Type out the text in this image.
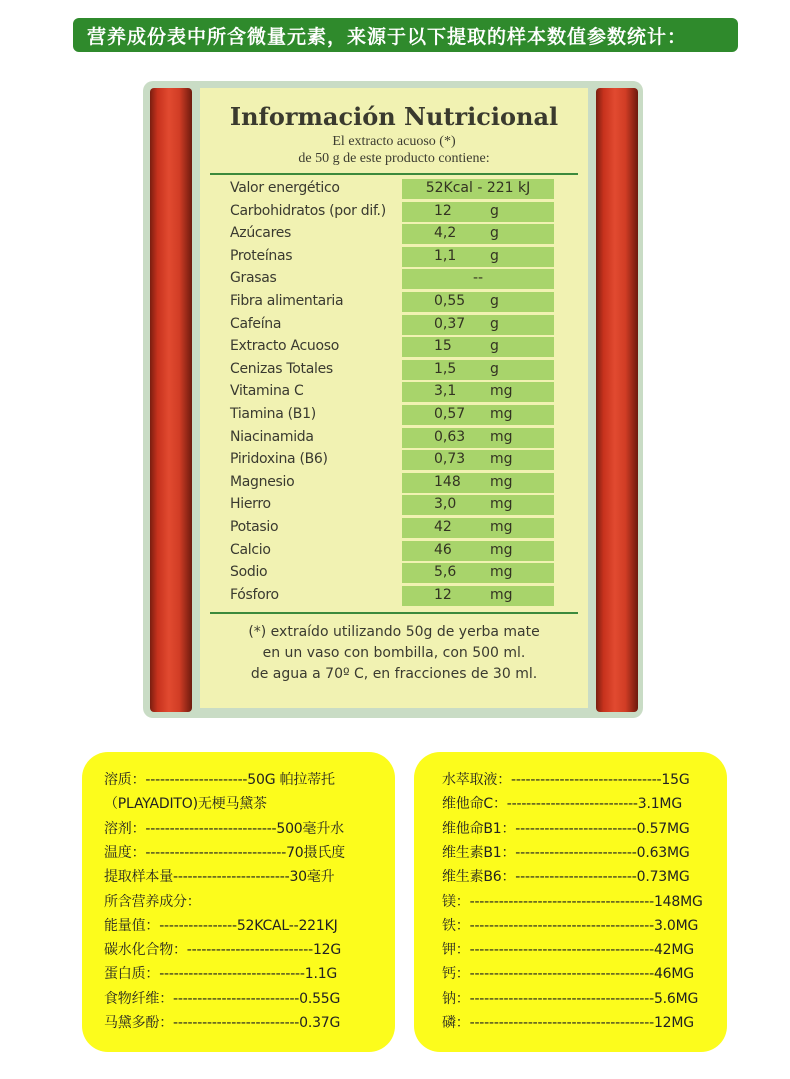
营养成份表中所含微量元素，来源于以下提取的样本数值参数统计：
Información Nutricional
El extracto acuoso (*)
de 50 g de este producto contiene:
Valor energético	52Kcal - 221 kJ
Carbohidratos (por dif.)	12	g
Azúcares	4,2 g
Proteínas	1,1 g
Grasas	--
Fibra alimentaria	0,55 g
Cafeína	0,37 g
Extracto Acuoso	15	g
Cenizas Totales	1,5 g
Vitamina C	3,1 mg
Tiamina (B1)	0,57 mg
Niacinamida	0,63 mg
Piridoxina (B6)	0,73 mg
Magnesio	148 mg
Hierro	3,0 mg
Potasio	42	mg
Calcio	46	mg
Sodio	5,6 mg
Fósforo	12	mg
(*) extraído utilizando 50g de yerba mate
en un vaso con bombilla, con 500 ml.
de agua a 70º C, en fracciones de 30 ml.
溶质：---------------------50G 帕拉蒂托
（PLAYADITO)无梗马黛茶
溶剂：---------------------------500毫升水
温度：-----------------------------70摄氏度
提取样本量------------------------30毫升
所含营养成分：
能量值：----------------52KCAL--221KJ
碳水化合物：--------------------------12G
蛋白质：------------------------------1.1G
食物纤维：--------------------------0.55G
马黛多酚：--------------------------0.37G
水萃取液：-------------------------------15G
维他命C：---------------------------3.1MG
维他命B1：-------------------------0.57MG
维生素B1：-------------------------0.63MG
维生素B6：-------------------------0.73MG
镁：--------------------------------------148MG
铁：--------------------------------------3.0MG
钾：--------------------------------------42MG
钙：--------------------------------------46MG
钠：--------------------------------------5.6MG
磷：--------------------------------------12MG
